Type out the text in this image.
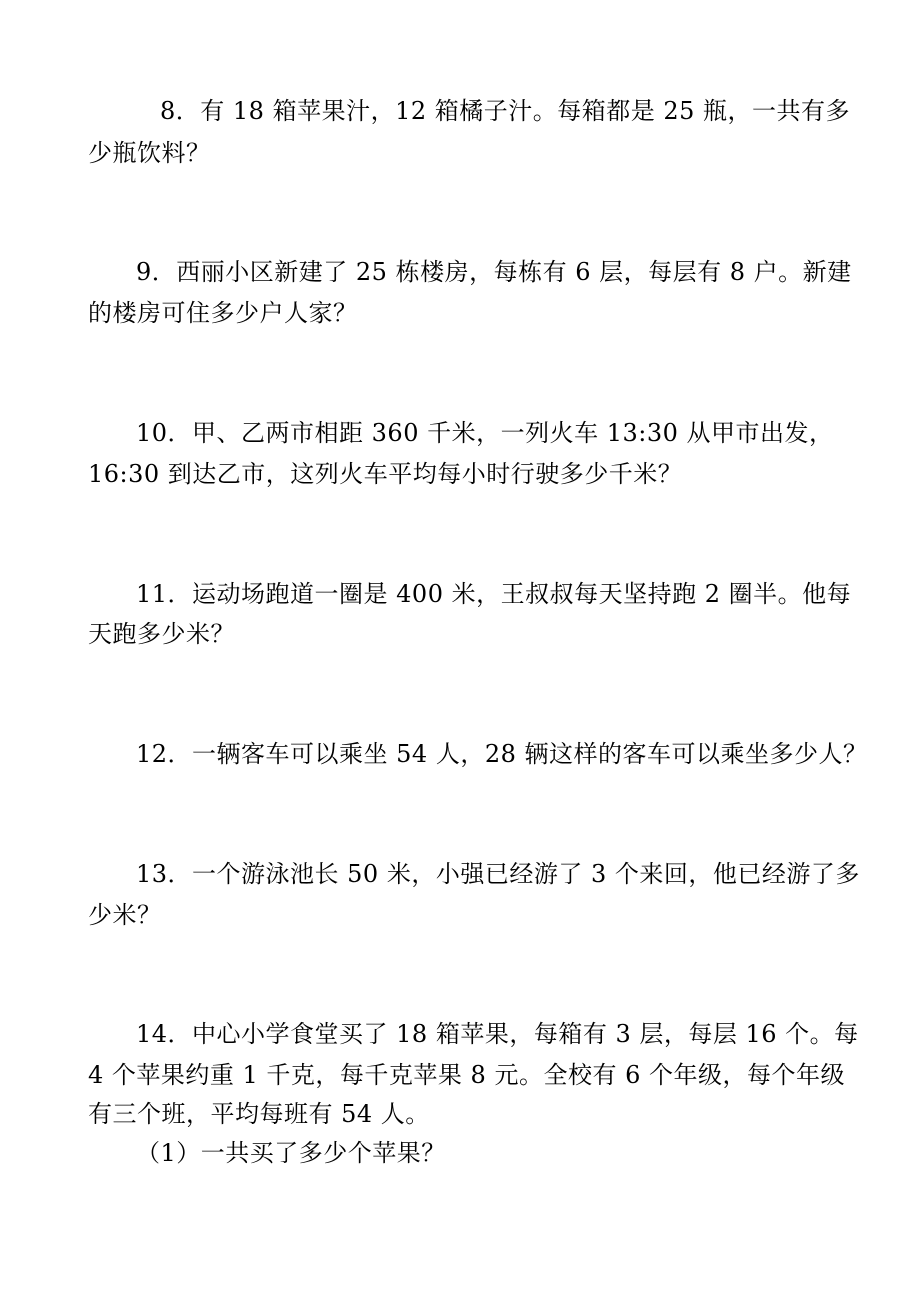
8．有 18 箱苹果汁，12 箱橘子汁。每箱都是 25 瓶，一共有多
少瓶饮料？
9．西丽小区新建了 25 栋楼房，每栋有 6 层，每层有 8 户。新建
的楼房可住多少户人家？
10．甲、乙两市相距 360 千米，一列火车 13:30 从甲市出发，
16:30 到达乙市，这列火车平均每小时行驶多少千米？
11．运动场跑道一圈是 400 米，王叔叔每天坚持跑 2 圈半。他每
天跑多少米？
12．一辆客车可以乘坐 54 人，28 辆这样的客车可以乘坐多少人？
13．一个游泳池长 50 米，小强已经游了 3 个来回，他已经游了多
少米？
14．中心小学食堂买了 18 箱苹果，每箱有 3 层，每层 16 个。每
4 个苹果约重 1 千克，每千克苹果 8 元。全校有 6 个年级，每个年级
有三个班，平均每班有 54 人。
（1）一共买了多少个苹果？
